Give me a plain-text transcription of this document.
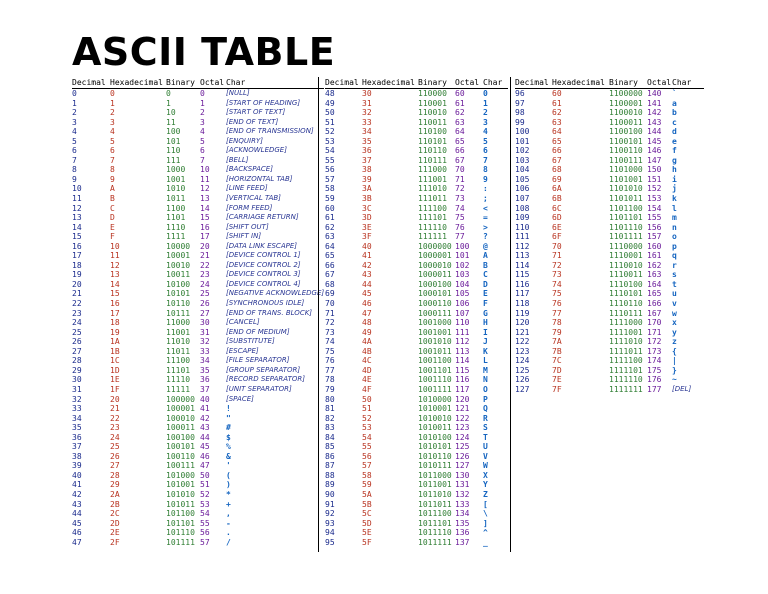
ASCII TABLE
Decimal	Hexadecimal	Binary	Octal	Char
0	0	0	0	[NULL]
1	1	1	1	[START OF HEADING]
2	2	10	2	[START OF TEXT]
3	3	11	3	[END OF TEXT]
4	4	100	4	[END OF TRANSMISSION]
5	5	101	5	[ENQUIRY]
6	6	110	6	[ACKNOWLEDGE]
7	7	111	7	[BELL]
8	8	1000	10	[BACKSPACE]
9	9	1001	11	[HORIZONTAL TAB]
10	A	1010	12	[LINE FEED]
11	B	1011	13	[VERTICAL TAB]
12	C	1100	14	[FORM FEED]
13	D	1101	15	[CARRIAGE RETURN]
14	E	1110	16	[SHIFT OUT]
15	F	1111	17	[SHIFT IN]
16	10	10000	20	[DATA LINK ESCAPE]
17	11	10001	21	[DEVICE CONTROL 1]
18	12	10010	22	[DEVICE CONTROL 2]
19	13	10011	23	[DEVICE CONTROL 3]
20	14	10100	24	[DEVICE CONTROL 4]
21	15	10101	25	[NEGATIVE ACKNOWLEDGE]
22	16	10110	26	[SYNCHRONOUS IDLE]
23	17	10111	27	[END OF TRANS. BLOCK]
24	18	11000	30	[CANCEL]
25	19	11001	31	[END OF MEDIUM]
26	1A	11010	32	[SUBSTITUTE]
27	1B	11011	33	[ESCAPE]
28	1C	11100	34	[FILE SEPARATOR]
29	1D	11101	35	[GROUP SEPARATOR]
30	1E	11110	36	[RECORD SEPARATOR]
31	1F	11111	37	[UNIT SEPARATOR]
32	20	100000	40	[SPACE]
33	21	100001	41	!
34	22	100010	42	"
35	23	100011	43	#
36	24	100100	44	$
37	25	100101	45	%
38	26	100110	46	&
39	27	100111	47	'
40	28	101000	50	(
41	29	101001	51	)
42	2A	101010	52	*
43	2B	101011	53	+
44	2C	101100	54	,
45	2D	101101	55	-
46	2E	101110	56	.
47	2F	101111	57	/
Decimal	Hexadecimal	Binary	Octal	Char
48	30	110000	60	0
49	31	110001	61	1
50	32	110010	62	2
51	33	110011	63	3
52	34	110100	64	4
53	35	110101	65	5
54	36	110110	66	6
55	37	110111	67	7
56	38	111000	70	8
57	39	111001	71	9
58	3A	111010	72	:
59	3B	111011	73	;
60	3C	111100	74	<
61	3D	111101	75	=
62	3E	111110	76	>
63	3F	111111	77	?
64	40	1000000	100	@
65	41	1000001	101	A
66	42	1000010	102	B
67	43	1000011	103	C
68	44	1000100	104	D
69	45	1000101	105	E
70	46	1000110	106	F
71	47	1000111	107	G
72	48	1001000	110	H
73	49	1001001	111	I
74	4A	1001010	112	J
75	4B	1001011	113	K
76	4C	1001100	114	L
77	4D	1001101	115	M
78	4E	1001110	116	N
79	4F	1001111	117	O
80	50	1010000	120	P
81	51	1010001	121	Q
82	52	1010010	122	R
83	53	1010011	123	S
84	54	1010100	124	T
85	55	1010101	125	U
86	56	1010110	126	V
87	57	1010111	127	W
88	58	1011000	130	X
89	59	1011001	131	Y
90	5A	1011010	132	Z
91	5B	1011011	133	[
92	5C	1011100	134	\
93	5D	1011101	135	]
94	5E	1011110	136	^
95	5F	1011111	137	_
Decimal	Hexadecimal	Binary	Octal	Char
96	60	1100000	140	`
97	61	1100001	141	a
98	62	1100010	142	b
99	63	1100011	143	c
100	64	1100100	144	d
101	65	1100101	145	e
102	66	1100110	146	f
103	67	1100111	147	g
104	68	1101000	150	h
105	69	1101001	151	i
106	6A	1101010	152	j
107	6B	1101011	153	k
108	6C	1101100	154	l
109	6D	1101101	155	m
110	6E	1101110	156	n
111	6F	1101111	157	o
112	70	1110000	160	p
113	71	1110001	161	q
114	72	1110010	162	r
115	73	1110011	163	s
116	74	1110100	164	t
117	75	1110101	165	u
118	76	1110110	166	v
119	77	1110111	167	w
120	78	1111000	170	x
121	79	1111001	171	y
122	7A	1111010	172	z
123	7B	1111011	173	{
124	7C	1111100	174	|
125	7D	1111101	175	}
126	7E	1111110	176	~
127	7F	1111111	177	[DEL]
